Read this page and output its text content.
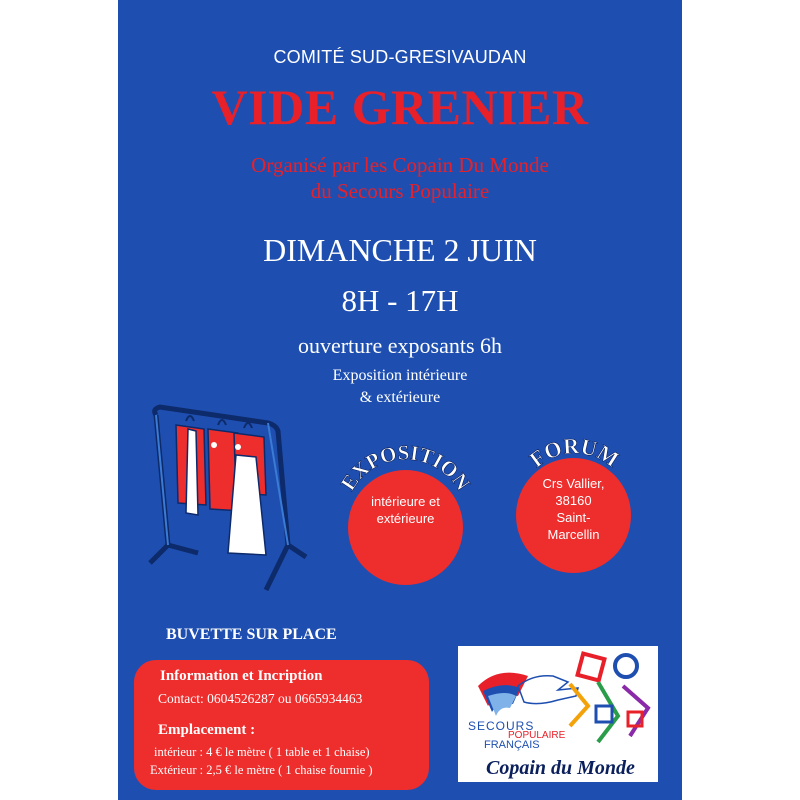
COMITÉ SUD-GRESIVAUDAN
VIDE GRENIER
Organisé par les Copain Du Monde
du Secours Populaire
DIMANCHE 2 JUIN
8H - 17H
ouverture exposants 6h
Exposition intérieure
& extérieure
EXPOSITION
intérieure et
extérieure
FORUM
Crs Vallier,
38160
Saint-
Marcellin
BUVETTE SUR PLACE
Information et Incription
Contact: 0604526287 ou 0665934463
Emplacement :
intérieur : 4 € le mètre ( 1 table et 1 chaise)
Extérieur : 2,5 € le mètre ( 1 chaise fournie )
SECOURS
POPULAIRE
FRANÇAIS
Copain du Monde
